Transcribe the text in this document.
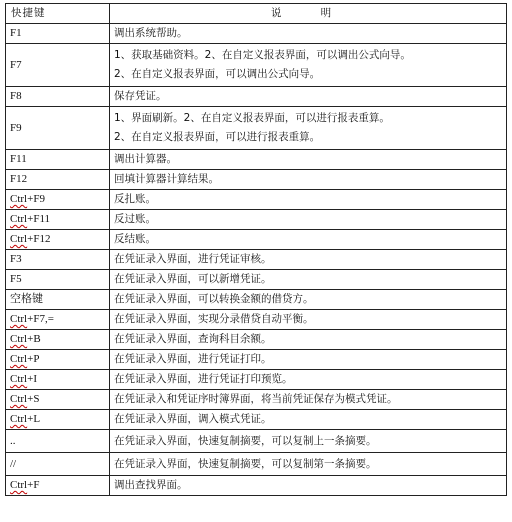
快捷键	说 明
F1	调出系统帮助。

F7	1、获取基础资料。2、在自定义报表界面，可以调出公式向导。
2、在自定义报表界面，可以调出公式向导。

F8	保存凭证。

F9	1、界面刷新。2、在自定义报表界面，可以进行报表重算。
2、在自定义报表界面，可以进行报表重算。

F11	调出计算器。

F12	回填计算器计算结果。

Ctrl+F9	反扎账。

Ctrl+F11	反过账。

Ctrl+F12	反结账。

F3	在凭证录入界面，进行凭证审核。

F5	在凭证录入界面，可以新增凭证。

空格键	在凭证录入界面，可以转换金额的借贷方。

Ctrl+F7,=	在凭证录入界面，实现分录借贷自动平衡。

Ctrl+B	在凭证录入界面，查询科目余额。

Ctrl+P	在凭证录入界面，进行凭证打印。

Ctrl+I	在凭证录入界面，进行凭证打印预览。

Ctrl+S	在凭证录入和凭证序时簿界面，将当前凭证保存为模式凭证。

Ctrl+L	在凭证录入界面，调入模式凭证。

..	在凭证录入界面，快速复制摘要，可以复制上一条摘要。

//	在凭证录入界面，快速复制摘要，可以复制第一条摘要。

Ctrl+F	调出查找界面。
